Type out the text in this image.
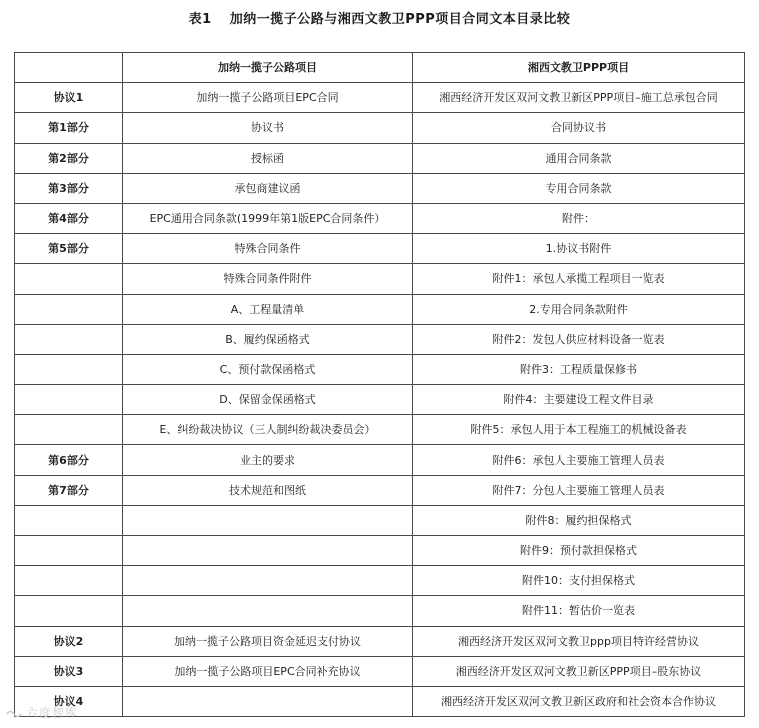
表1 加纳一揽子公路与湘西文教卫PPP项目合同文本目录比较
	加纳一揽子公路项目	湘西文教卫PPP项目
协议1	加纳一揽子公路项目EPC合同	湘西经济开发区双河文教卫新区PPP项目–施工总承包合同
第1部分	协议书	合同协议书
第2部分	授标函	通用合同条款
第3部分	承包商建议函	专用合同条款
第4部分	EPC通用合同条款(1999年第1版EPC合同条件）	附件：
第5部分	特殊合同条件	1.协议书附件
	特殊合同条件附件	附件1：承包人承揽工程项目一览表
	A、工程量清单	2.专用合同条款附件
	B、履约保函格式	附件2：发包人供应材料设备一览表
	C、预付款保函格式	附件3：工程质量保修书
	D、保留金保函格式	附件4：主要建设工程文件目录
	E、纠纷裁决协议（三人制纠纷裁决委员会）	附件5：承包人用于本工程施工的机械设备表
第6部分	业主的要求	附件6：承包人主要施工管理人员表
第7部分	技术规范和图纸	附件7：分包人主要施工管理人员表
		附件8：履约担保格式
		附件9：预付款担保格式
		附件10：支付担保格式
		附件11：暂估价一览表
协议2	加纳一揽子公路项目资金延迟支付协议	湘西经济开发区双河文教卫ppp项目特许经营协议
协议3	加纳一揽子公路项目EPC合同补充协议	湘西经济开发区双河文教卫新区PPP项目–股东协议
协议4		湘西经济开发区双河文教卫新区政府和社会资本合作协议
六度智库
